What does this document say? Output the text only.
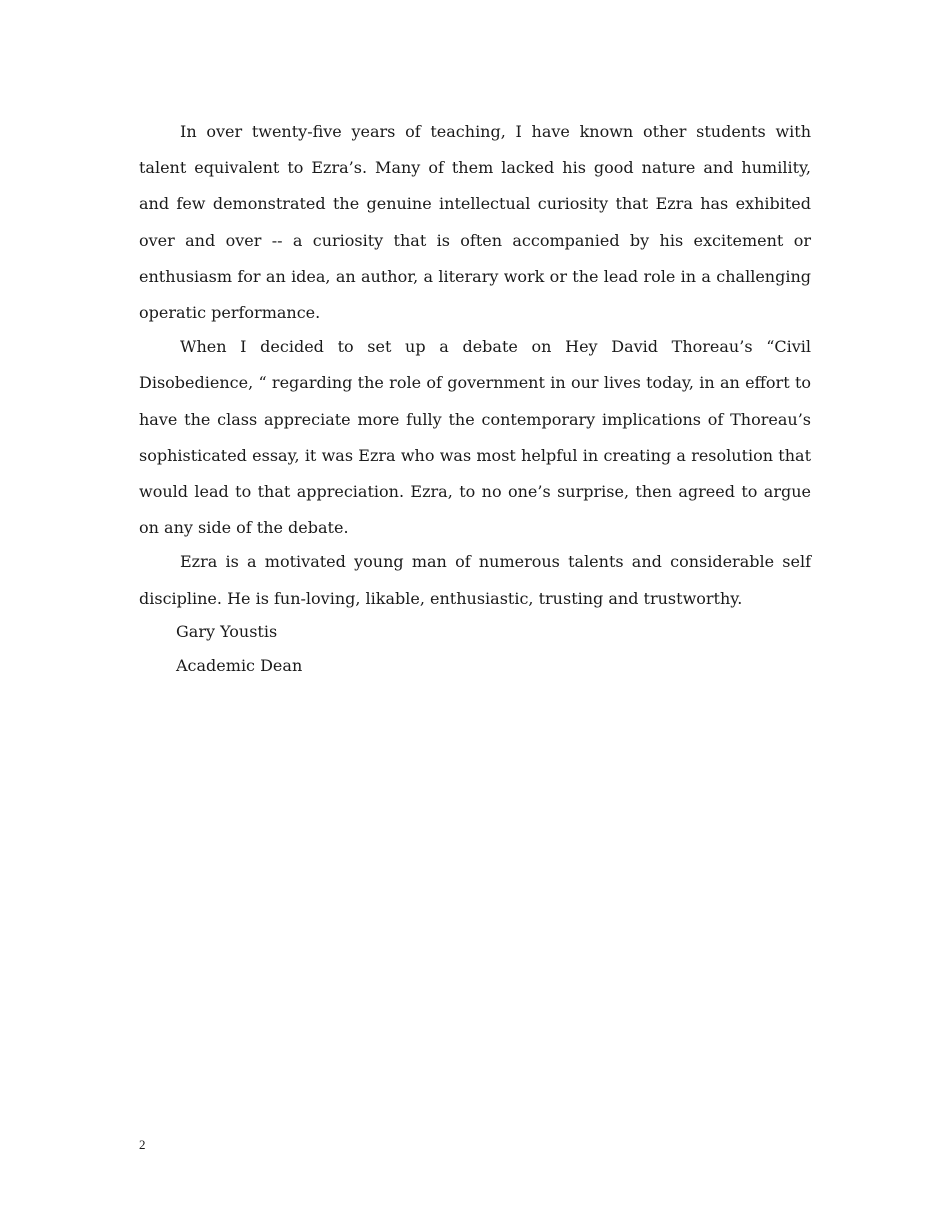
In over twenty-five years of teaching, I have known other students with talent equivalent to Ezra’s. Many of them lacked his good nature and humility, and few demonstrated the genuine intellectual curiosity that Ezra has exhibited over and over -- a curiosity that is often accompanied by his excitement or enthusiasm for an idea, an author, a literary work or the lead role in a challenging operatic performance.

When I decided to set up a debate on Hey David Thoreau’s “Civil Disobedience, “ regarding the role of government in our lives today, in an effort to have the class appreciate more fully the contemporary implications of Thoreau’s sophisticated essay, it was Ezra who was most helpful in creating a resolution that would lead to that appreciation. Ezra, to no one’s surprise, then agreed to argue on any side of the debate.

Ezra is a motivated young man of numerous talents and considerable self discipline. He is fun-loving, likable, enthusiastic, trusting and trustworthy.

Gary Youstis

Academic Dean

2
